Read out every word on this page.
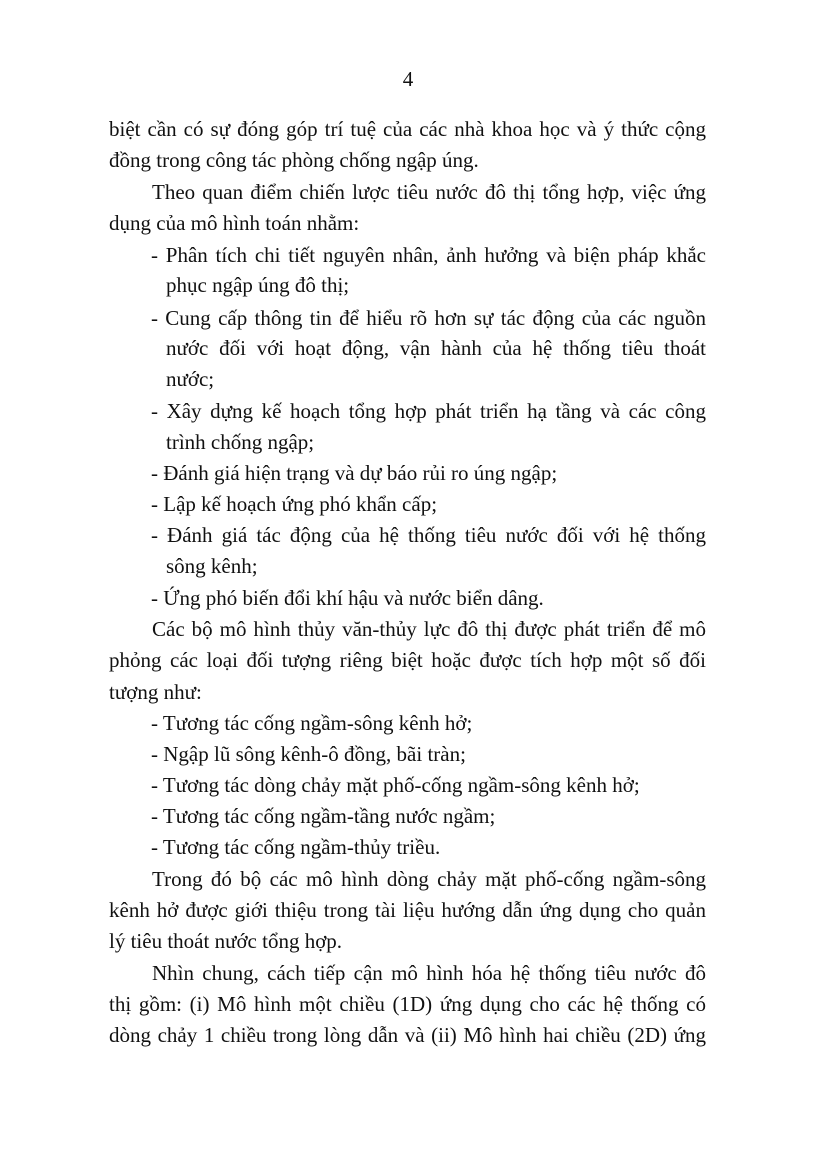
4

biệt cần có sự đóng góp trí tuệ của các nhà khoa học và ý thức cộng

đồng trong công tác phòng chống ngập úng.

Theo quan điểm chiến lược tiêu nước đô thị tổng hợp, việc ứng

dụng của mô hình toán nhằm:

- Phân tích chi tiết nguyên nhân, ảnh hưởng và biện pháp khắc

phục ngập úng đô thị;

- Cung cấp thông tin để hiểu rõ hơn sự tác động của các nguồn

nước đối với hoạt động, vận hành của hệ thống tiêu thoát

nước;

- Xây dựng kế hoạch tổng hợp phát triển hạ tầng và các công

trình chống ngập;

- Đánh giá hiện trạng và dự báo rủi ro úng ngập;

- Lập kế hoạch ứng phó khẩn cấp;

- Đánh giá tác động của hệ thống tiêu nước đối với hệ thống

sông kênh;

- Ứng phó biến đổi khí hậu và nước biển dâng.

Các bộ mô hình thủy văn-thủy lực đô thị được phát triển để mô

phỏng các loại đối tượng riêng biệt hoặc được tích hợp một số đối

tượng như:

- Tương tác cống ngầm-sông kênh hở;

- Ngập lũ sông kênh-ô đồng, bãi tràn;

- Tương tác dòng chảy mặt phố-cống ngầm-sông kênh hở;

- Tương tác cống ngầm-tầng nước ngầm;

- Tương tác cống ngầm-thủy triều.

Trong đó bộ các mô hình dòng chảy mặt phố-cống ngầm-sông

kênh hở được giới thiệu trong tài liệu hướng dẫn ứng dụng cho quản

lý tiêu thoát nước tổng hợp.

Nhìn chung, cách tiếp cận mô hình hóa hệ thống tiêu nước đô

thị gồm: (i) Mô hình một chiều (1D) ứng dụng cho các hệ thống có

dòng chảy 1 chiều trong lòng dẫn và (ii) Mô hình hai chiều (2D) ứng
